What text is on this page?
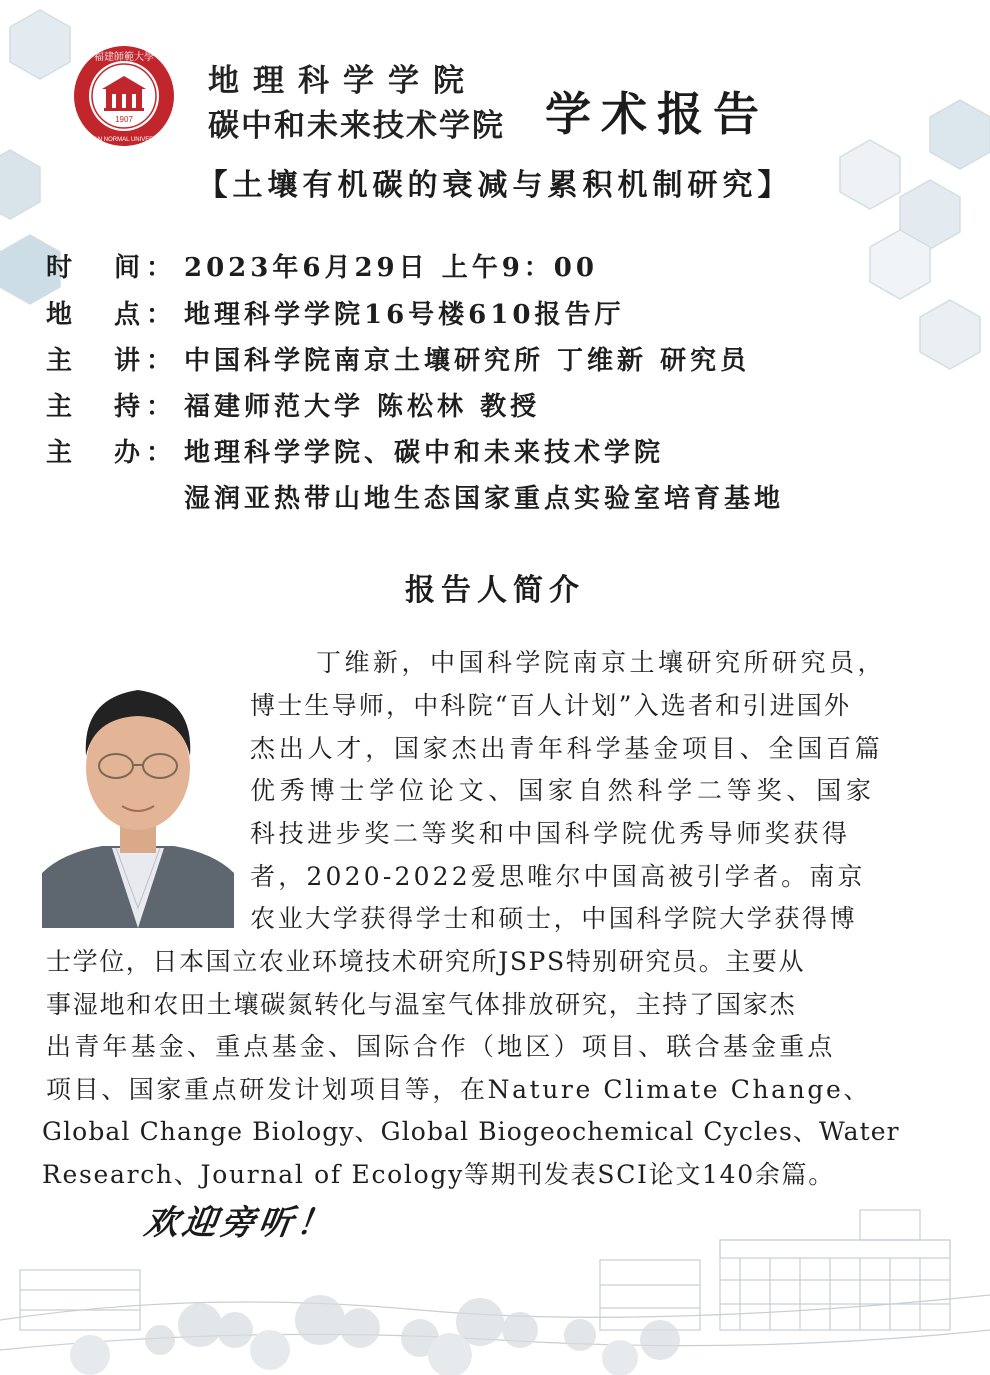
1907
福建師範大學
FUJIAN NORMAL UNIVERSITY
地理科学学院
碳中和未来技术学院 学术报告
【土壤有机碳的衰减与累积机制研究】
时 间 ： 2023年6月29日 上午9：00
地 点 ： 地理科学学院16号楼610报告厅
主 讲 ： 中国科学院南京土壤研究所 丁维新 研究员
主 持 ： 福建师范大学 陈松林 教授
主 办 ： 地理科学学院、碳中和未来技术学院
湿润亚热带山地生态国家重点实验室培育基地
报告人简介
丁维新，中国科学院南京土壤研究所研究员，
博士生导师，中科院“百人计划”入选者和引进国外
杰出人才，国家杰出青年科学基金项目、全国百篇
优秀博士学位论文、国家自然科学二等奖、国家
科技进步奖二等奖和中国科学院优秀导师奖获得
者，2020-2022爱思唯尔中国高被引学者。南京
农业大学获得学士和硕士，中国科学院大学获得博
士学位，日本国立农业环境技术研究所JSPS特别研究员。主要从
事湿地和农田土壤碳氮转化与温室气体排放研究，主持了国家杰
出青年基金、重点基金、国际合作（地区）项目、联合基金重点
项目、国家重点研发计划项目等，在Nature Climate Change、
Global Change Biology、Global Biogeochemical Cycles、Water
Research、Journal of Ecology等期刊发表SCI论文140余篇。
欢迎旁听！
